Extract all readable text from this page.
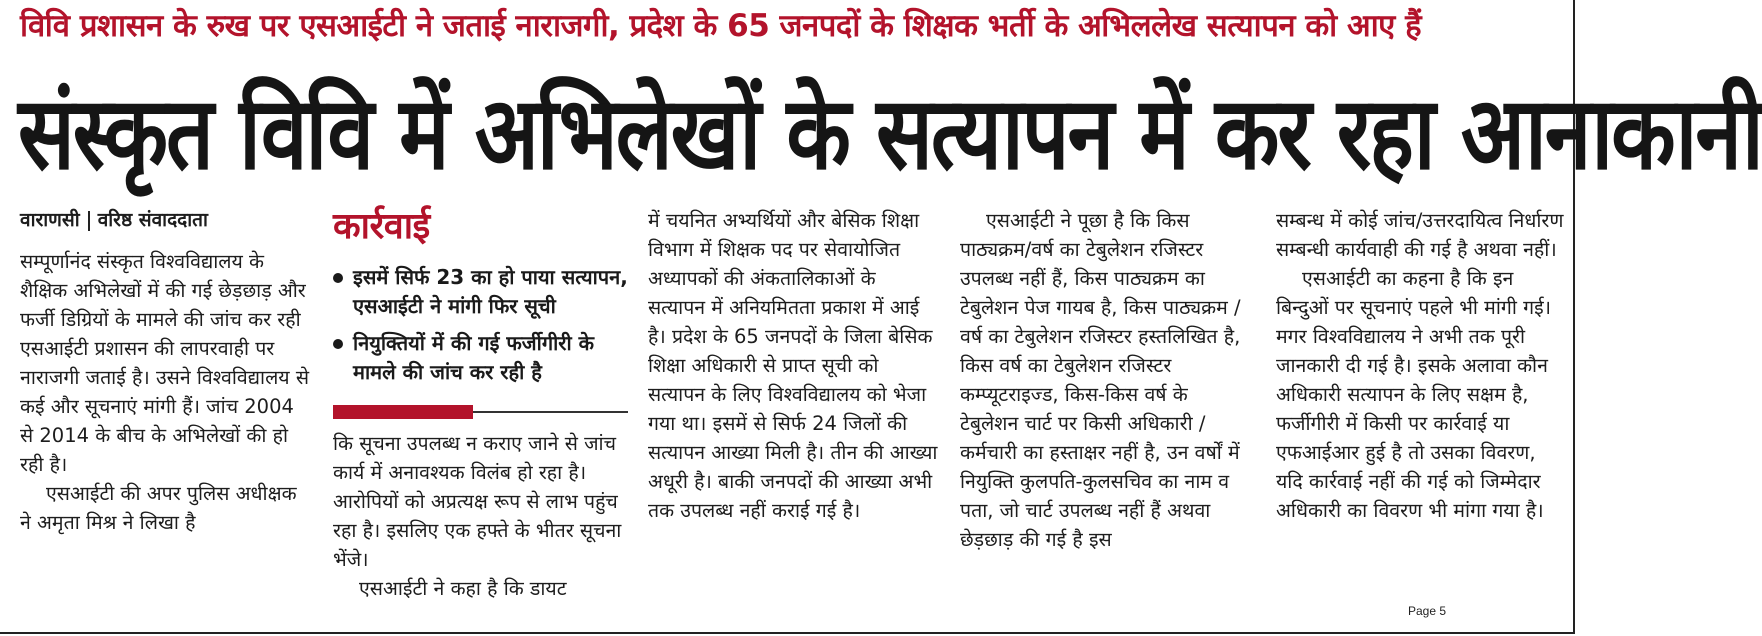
विवि प्रशासन के रुख पर एसआईटी ने जताई नाराजगी, प्रदेश के 65 जनपदों के शिक्षक भर्ती के अभिललेख सत्यापन को आए हैं
संस्कृत विवि में अभिलेखों के सत्यापन में कर रहा आनाकानी
वाराणसी वरिष्ठ संवाददाता

सम्पूर्णानंद संस्कृत विश्वविद्यालय के शैक्षिक अभिलेखों में की गई छेड़छाड़ और फर्जी डिग्रियों के मामले की जांच कर रही एसआईटी प्रशासन की लापरवाही पर नाराजगी जताई है। उसने विश्वविद्यालय से कई और सूचनाएं मांगी हैं। जांच 2004 से 2014 के बीच के अभिलेखों की हो रही है।

एसआईटी की अपर पुलिस अधीक्षक ने अमृता मिश्र ने लिखा है

कार्रवाई
इसमें सिर्फ 23 का हो पाया सत्यापन, एसआईटी ने मांगी फिर सूची
नियुक्तियों में की गई फर्जीगीरी के मामले की जांच कर रही है

कि सूचना उपलब्ध न कराए जाने से जांच कार्य में अनावश्यक विलंब हो रहा है। आरोपियों को अप्रत्यक्ष रूप से लाभ पहुंच रहा है। इसलिए एक हफ्ते के भीतर सूचना भेंजे।

एसआईटी ने कहा है कि डायट

में चयनित अभ्यर्थियों और बेसिक शिक्षा विभाग में शिक्षक पद पर सेवायोजित अध्यापकों की अंकतालिकाओं के सत्यापन में अनियमितता प्रकाश में आई है। प्रदेश के 65 जनपदों के जिला बेसिक शिक्षा अधिकारी से प्राप्त सूची को सत्यापन के लिए विश्वविद्यालय को भेजा गया था। इसमें से सिर्फ 24 जिलों की सत्यापन आख्या मिली है। तीन की आख्या अधूरी है। बाकी जनपदों की आख्या अभी तक उपलब्ध नहीं कराई गई है।

एसआईटी ने पूछा है कि किस पाठ्यक्रम/वर्ष का टेबुलेशन रजिस्टर उपलब्ध नहीं हैं, किस पाठ्यक्रम का टेबुलेशन पेज गायब है, किस पाठ्यक्रम /वर्ष का टेबुलेशन रजिस्टर हस्तलिखित है, किस वर्ष का टेबुलेशन रजिस्टर कम्प्यूटराइज्ड, किस-किस वर्ष के टेबुलेशन चार्ट पर किसी अधिकारी /कर्मचारी का हस्ताक्षर नहीं है, उन वर्षों में नियुक्ति कुलपति-कुलसचिव का नाम व पता, जो चार्ट उपलब्ध नहीं हैं अथवा छेड़छाड़ की गई है इस

सम्बन्ध में कोई जांच/उत्तरदायित्व निर्धारण सम्बन्धी कार्यवाही की गई है अथवा नहीं।

एसआईटी का कहना है कि इन बिन्दुओं पर सूचनाएं पहले भी मांगी गई। मगर विश्वविद्यालय ने अभी तक पूरी जानकारी दी गई है। इसके अलावा कौन अधिकारी सत्यापन के लिए सक्षम है, फर्जीगीरी में किसी पर कार्रवाई या एफआईआर हुई है तो उसका विवरण, यदि कार्रवाई नहीं की गई को जिम्मेदार अधिकारी का विवरण भी मांगा गया है।

Page 5
